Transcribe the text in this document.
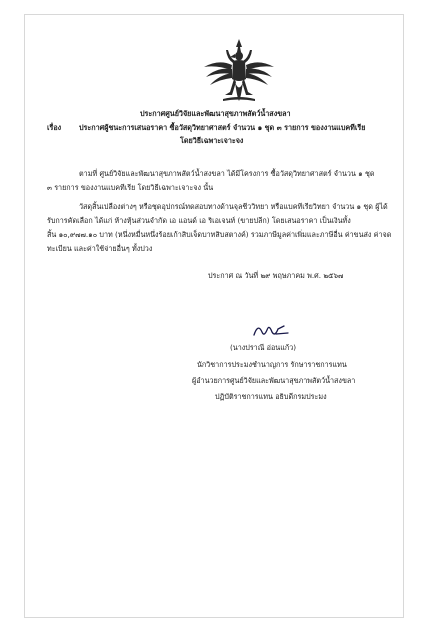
ประกาศศูนย์วิจัยและพัฒนาสุขภาพสัตว์น้ำสงขลา
เรื่อง ประกาศผู้ชนะการเสนอราคา ซื้อวัสดุวิทยาศาสตร์ จำนวน ๑ ชุด ๓ รายการ ของงานแบคทีเรีย
โดยวิธีเฉพาะเจาะจง
ตามที่ ศูนย์วิจัยและพัฒนาสุขภาพสัตว์น้ำสงขลา ได้มีโครงการ ซื้อวัสดุวิทยาศาสตร์ จำนวน ๑ ชุด
๓ รายการ ของงานแบคทีเรีย โดยวิธีเฉพาะเจาะจง นั้น
วัสดุสิ้นเปลืองต่างๆ หรือชุดอุปกรณ์ทดสอบทางด้านจุลชีววิทยา หรือแบคทีเรียวิทยา จำนวน ๑ ชุด ผู้ได้
รับการคัดเลือก ได้แก่ ห้างหุ้นส่วนจำกัด เอ แอนด์ เอ ริเอเจนท์ (ขายปลีก) โดยเสนอราคา เป็นเงินทั้ง
สิ้น ๑๐,๙๗๗.๑๐ บาท (หนึ่งหมื่นหนึ่งร้อยเก้าสิบเจ็ดบาทสิบสตางค์) รวมภาษีมูลค่าเพิ่มและภาษีอื่น ค่าขนส่ง ค่าจด
ทะเบียน และค่าใช้จ่ายอื่นๆ ทั้งปวง
ประกาศ ณ วันที่ ๒๙ พฤษภาคม พ.ศ. ๒๕๖๗
(นางปราณี อ่อนแก้ว)
นักวิชาการประมงชำนาญการ รักษาราชการแทน
ผู้อำนวยการศูนย์วิจัยและพัฒนาสุขภาพสัตว์น้ำสงขลา
ปฏิบัติราชการแทน อธิบดีกรมประมง
